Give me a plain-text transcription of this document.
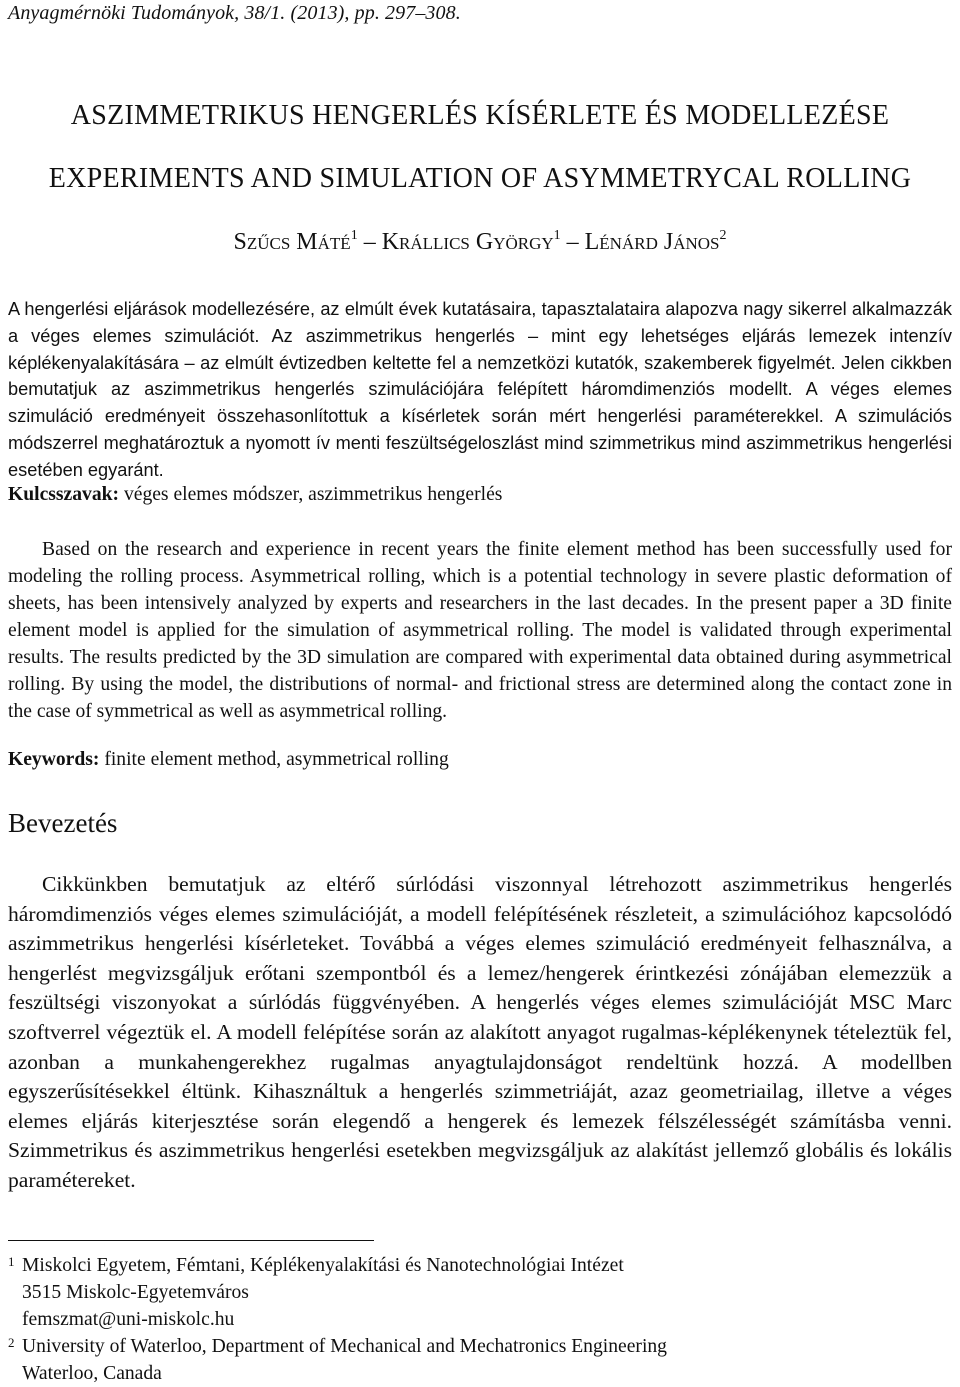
Anyagmérnöki Tudományok, 38/1. (2013), pp. 297–308.
ASZIMMETRIKUS HENGERLÉS KÍSÉRLETE ÉS MODELLEZÉSE
EXPERIMENTS AND SIMULATION OF ASYMMETRYCAL ROLLING
Szűcs Máté$^1$ – Krállics György$^1$ – Lénárd János$^2$

A hengerlési eljárások modellezésére, az elmúlt évek kutatásaira, tapasztalataira alapozva nagy sikerrel alkalmazzák a véges elemes szimulációt. Az aszimmetrikus hengerlés – mint egy lehetséges eljárás lemezek intenzív képlékenyalakítására – az elmúlt évtizedben keltette fel a nemzetközi kutatók, szakemberek figyelmét. Jelen cikkben bemutatjuk az aszimmetrikus hengerlés szimulációjára felépített háromdimenziós modellt. A véges elemes szimuláció eredményeit összehasonlítottuk a kísérletek során mért hengerlési paraméterekkel. A szimulációs módszerrel meghatároztuk a nyomott ív menti feszültségeloszlást mind szimmetrikus mind aszimmetrikus hengerlési esetében egyaránt.

Kulcsszavak: véges elemes módszer, aszimmetrikus hengerlés

Based on the research and experience in recent years the finite element method has been successfully used for modeling the rolling process. Asymmetrical rolling, which is a potential technology in severe plastic deformation of sheets, has been intensively analyzed by experts and researchers in the last decades. In the present paper a 3D finite element model is applied for the simulation of asymmetrical rolling. The model is validated through experimental results. The results predicted by the 3D simulation are compared with experimental data obtained during asymmetrical rolling. By using the model, the distributions of normal- and frictional stress are determined along the contact zone in the case of symmetrical as well as asymmetrical rolling.

Keywords: finite element method, asymmetrical rolling
Bevezetés

Cikkünkben bemutatjuk az eltérő súrlódási viszonnyal létrehozott aszimmetrikus hengerlés háromdimenziós véges elemes szimulációját, a modell felépítésének részleteit, a szimulációhoz kapcsolódó aszimmetrikus hengerlési kísérleteket. Továbbá a véges elemes szimuláció eredményeit felhasználva, a hengerlést megvizsgáljuk erőtani szempontból és a lemez/hengerek érintkezési zónájában elemezzük a feszültségi viszonyokat a súrlódás függvényében. A hengerlés véges elemes szimulációját MSC Marc szoftverrel végeztük el. A modell felépítése során az alakított anyagot rugalmas-képlékenynek tételeztük fel, azonban a munkahengerekhez rugalmas anyagtulajdonságot rendeltünk hozzá. A modellben egyszerűsítésekkel éltünk. Kihasználtuk a hengerlés szimmetriáját, azaz geometriailag, illetve a véges elemes eljárás kiterjesztése során elegendő a hengerek és lemezek félszélességét számításba venni. Szimmetrikus és aszimmetrikus hengerlési esetekben megvizsgáljuk az alakítást jellemző globális és lokális paramétereket.

1 Miskolci Egyetem, Fémtani, Képlékenyalakítási és Nanotechnológiai Intézet
3515 Miskolc-Egyetemváros
femszmat@uni-miskolc.hu
2 University of Waterloo, Department of Mechanical and Mechatronics Engineering
Waterloo, Canada
